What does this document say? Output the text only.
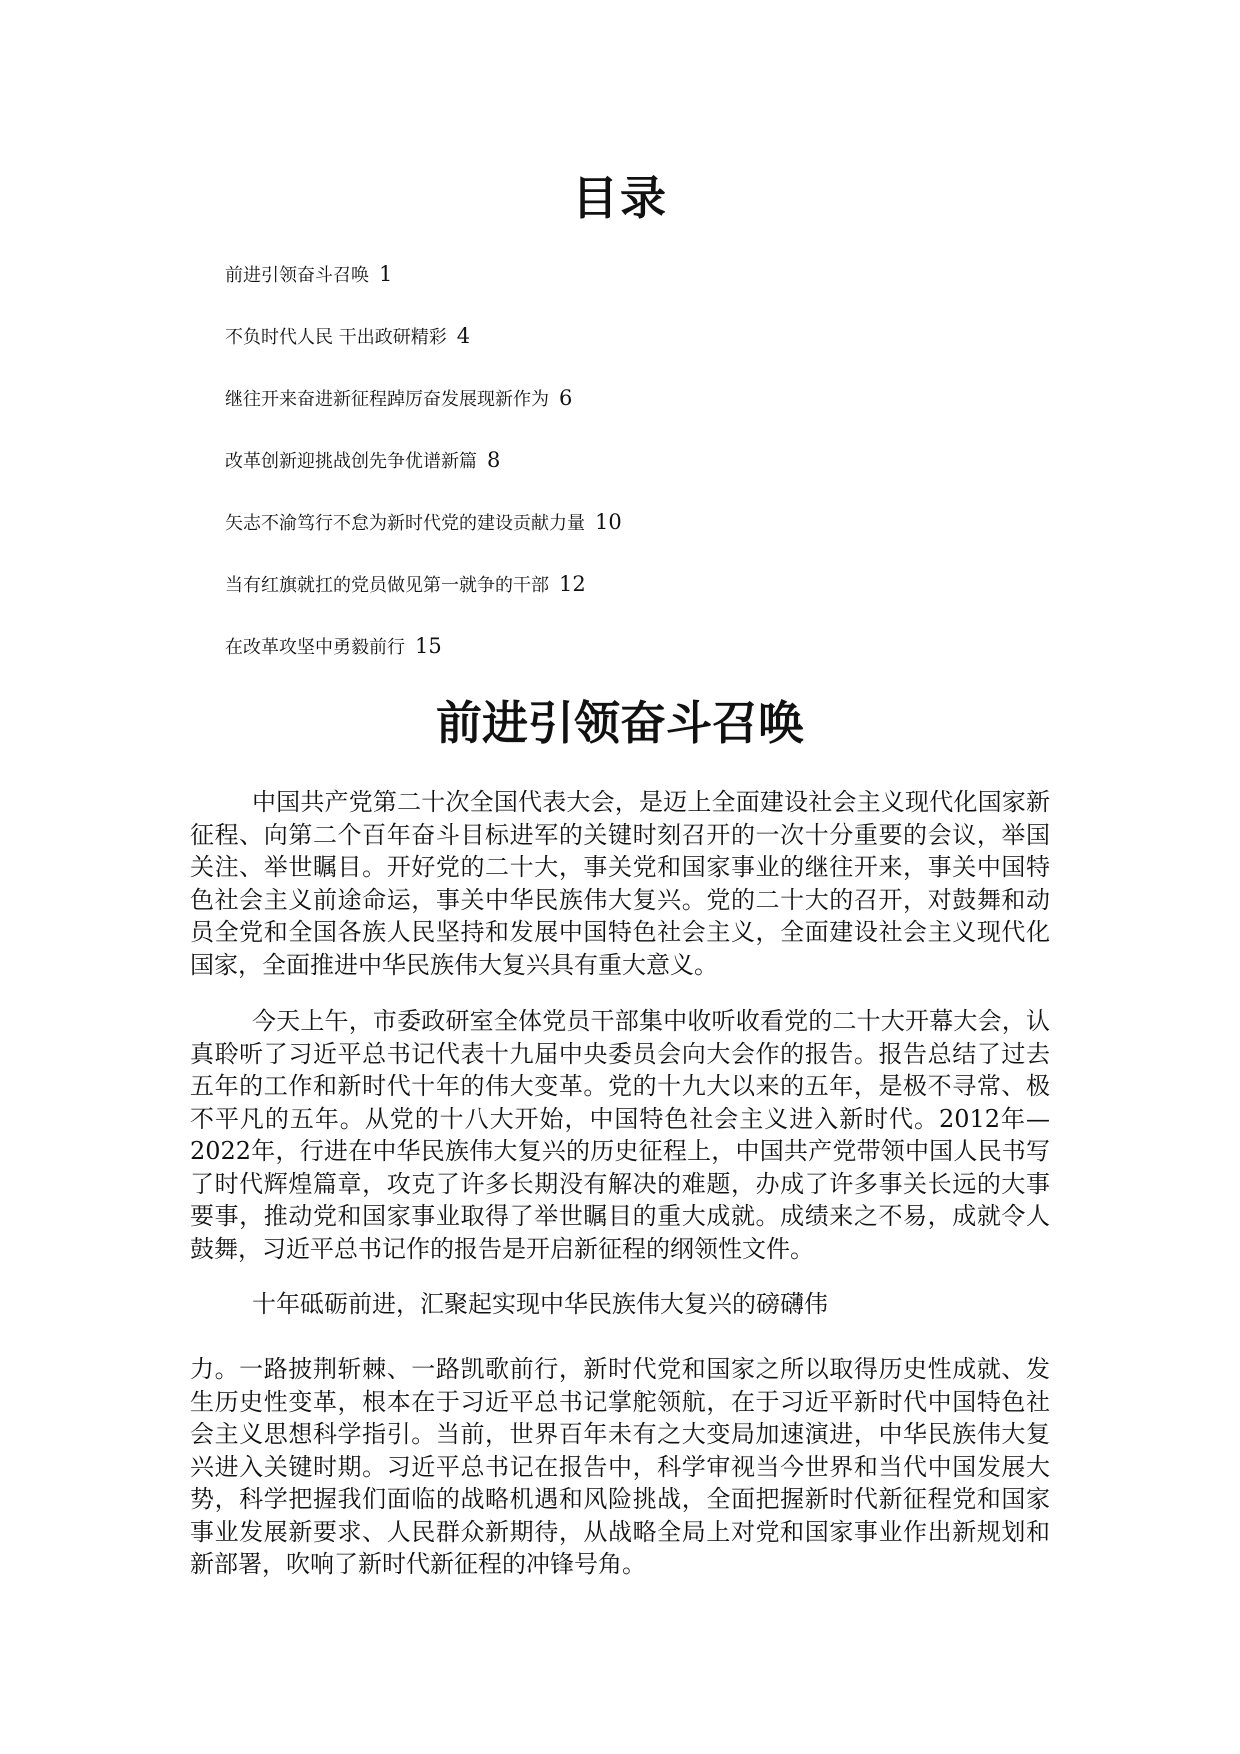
目录
前进引领奋斗召唤 1
不负时代人民 干出政研精彩 4
继往开来奋进新征程踔厉奋发展现新作为 6
改革创新迎挑战创先争优谱新篇 8
矢志不渝笃行不怠为新时代党的建设贡献力量 10
当有红旗就扛的党员做见第一就争的干部 12
在改革攻坚中勇毅前行 15
前进引领奋斗召唤

中国共产党第二十次全国代表大会，是迈上全面建设社会主义现代化国家新征程、向第二个百年奋斗目标进军的关键时刻召开的一次十分重要的会议，举国关注、举世瞩目。开好党的二十大，事关党和国家事业的继往开来，事关中国特色社会主义前途命运，事关中华民族伟大复兴。党的二十大的召开，对鼓舞和动员全党和全国各族人民坚持和发展中国特色社会主义，全面建设社会主义现代化国家，全面推进中华民族伟大复兴具有重大意义。

今天上午，市委政研室全体党员干部集中收听收看党的二十大开幕大会，认真聆听了习近平总书记代表十九届中央委员会向大会作的报告。报告总结了过去五年的工作和新时代十年的伟大变革。党的十九大以来的五年，是极不寻常、极不平凡的五年。从党的十八大开始，中国特色社会主义进入新时代。2012年—2022年，行进在中华民族伟大复兴的历史征程上，中国共产党带领中国人民书写了时代辉煌篇章，攻克了许多长期没有解决的难题，办成了许多事关长远的大事要事，推动党和国家事业取得了举世瞩目的重大成就。成绩来之不易，成就令人鼓舞，习近平总书记作的报告是开启新征程的纲领性文件。

十年砥砺前进，汇聚起实现中华民族伟大复兴的磅礴伟

力。一路披荆斩棘、一路凯歌前行，新时代党和国家之所以取得历史性成就、发生历史性变革，根本在于习近平总书记掌舵领航，在于习近平新时代中国特色社会主义思想科学指引。当前，世界百年未有之大变局加速演进，中华民族伟大复兴进入关键时期。习近平总书记在报告中，科学审视当今世界和当代中国发展大势，科学把握我们面临的战略机遇和风险挑战，全面把握新时代新征程党和国家事业发展新要求、人民群众新期待，从战略全局上对党和国家事业作出新规划和新部署，吹响了新时代新征程的冲锋号角。
